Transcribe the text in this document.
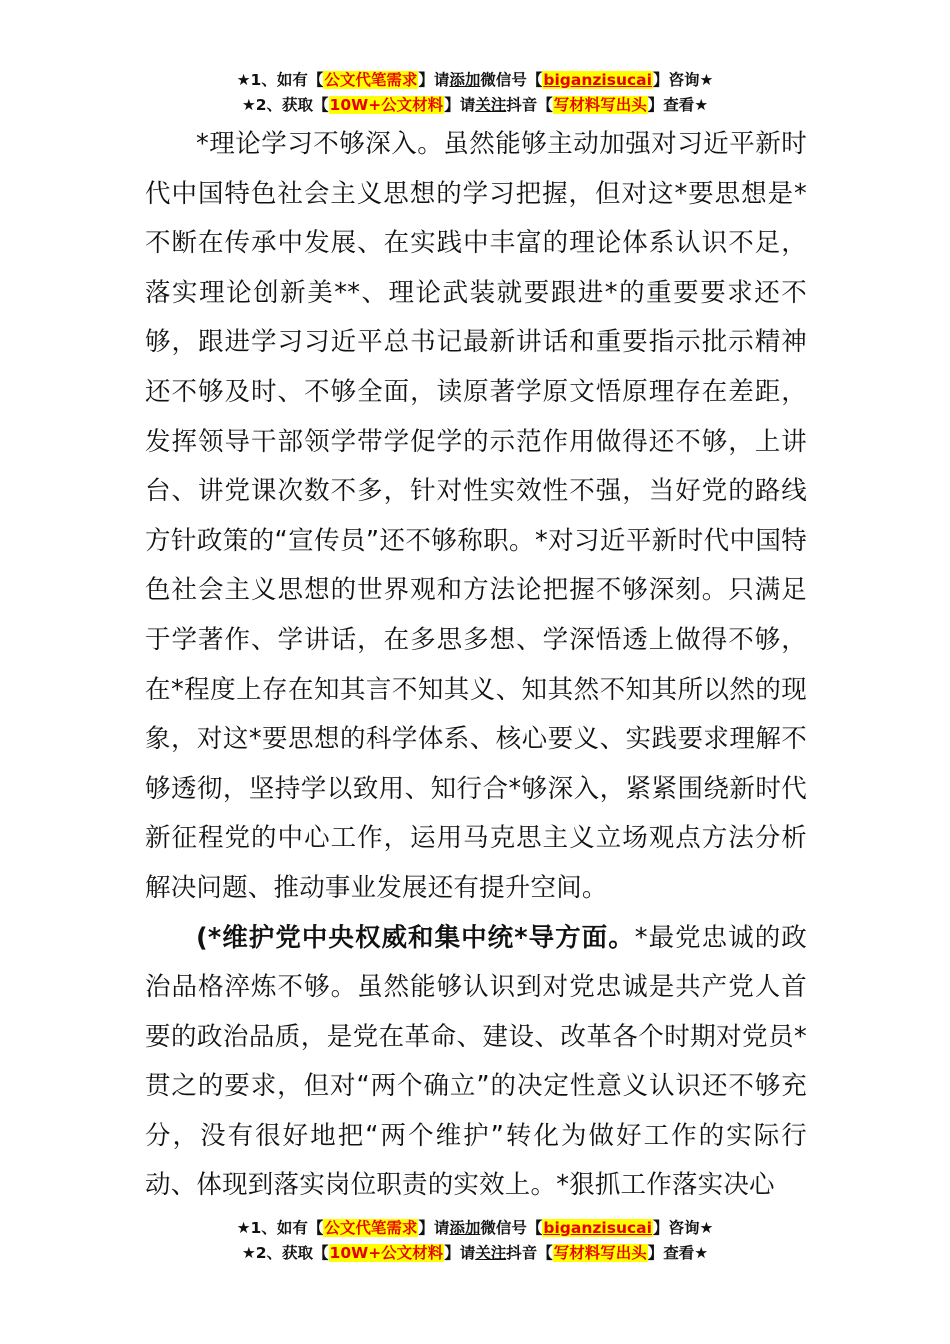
★1、如有【公文代笔需求】请添加微信号【biganzisucai】咨询★
★2、获取【10W+公文材料】请关注抖音【写材料写出头】查看★

*理论学习不够深入。虽然能够主动加强对习近平新时代中国特色社会主义思想的学习把握，但对这*要思想是*不断在传承中发展、在实践中丰富的理论体系认识不足，落实理论创新美**、理论武装就要跟进*的重要要求还不够，跟进学习习近平总书记最新讲话和重要指示批示精神还不够及时、不够全面，读原著学原文悟原理存在差距，发挥领导干部领学带学促学的示范作用做得还不够，上讲台、讲党课次数不多，针对性实效性不强，当好党的路线方针政策的“宣传员”还不够称职。*对习近平新时代中国特色社会主义思想的世界观和方法论把握不够深刻。只满足于学著作、学讲话，在多思多想、学深悟透上做得不够，在*程度上存在知其言不知其义、知其然不知其所以然的现象，对这*要思想的科学体系、核心要义、实践要求理解不够透彻，坚持学以致用、知行合*够深入，紧紧围绕新时代新征程党的中心工作，运用马克思主义立场观点方法分析解决问题、推动事业发展还有提升空间。

(*维护党中央权威和集中统*导方面。*最党忠诚的政治品格淬炼不够。虽然能够认识到对党忠诚是共产党人首要的政治品质，是党在革命、建设、改革各个时期对党员*贯之的要求，但对“两个确立”的决定性意义认识还不够充分，没有很好地把“两个维护”转化为做好工作的实际行动、体现到落实岗位职责的实效上。*狠抓工作落实决心

★1、如有【公文代笔需求】请添加微信号【biganzisucai】咨询★
★2、获取【10W+公文材料】请关注抖音【写材料写出头】查看★
